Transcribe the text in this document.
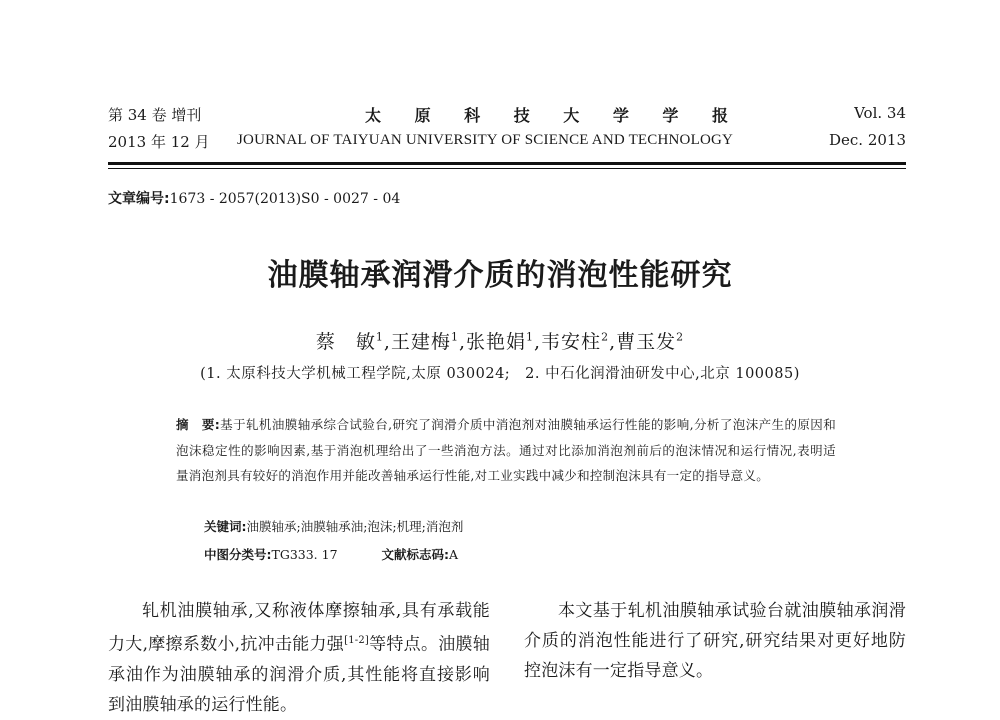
第 34 卷 增刊	太 原 科 技 大 学 学 报	Vol. 34
2013 年 12 月 JOURNAL OF TAIYUAN UNIVERSITY OF SCIENCE AND TECHNOLOGY	Dec. 2013
文章编号:1673 - 2057(2013)S0 - 0027 - 04
油膜轴承润滑介质的消泡性能研究
蔡　敏$^1$,王建梅$^1$,张艳娟$^1$,韦安柱$^2$,曹玉发$^2$
(1. 太原科技大学机械工程学院,太原 030024;　2. 中石化润滑油研发中心,北京 100085)
摘　要:基于轧机油膜轴承综合试验台,研究了润滑介质中消泡剂对油膜轴承运行性能的影响,分析了泡沫产生的原因和泡沫稳定性的影响因素,基于消泡机理给出了一些消泡方法。通过对比添加消泡剂前后的泡沫情况和运行情况,表明适量消泡剂具有较好的消泡作用并能改善轴承运行性能,对工业实践中减少和控制泡沫具有一定的指导意义。
关键词:油膜轴承;油膜轴承油;泡沫;机理;消泡剂
中图分类号:TG333. 17	文献标志码:A
轧机油膜轴承,又称液体摩擦轴承,具有承载能力大,摩擦系数小,抗冲击能力强[1-2]等特点。油膜轴承油作为油膜轴承的润滑介质,其性能将直接影响到油膜轴承的运行性能。
本文基于轧机油膜轴承试验台就油膜轴承润滑介质的消泡性能进行了研究,研究结果对更好地防控泡沫有一定指导意义。
